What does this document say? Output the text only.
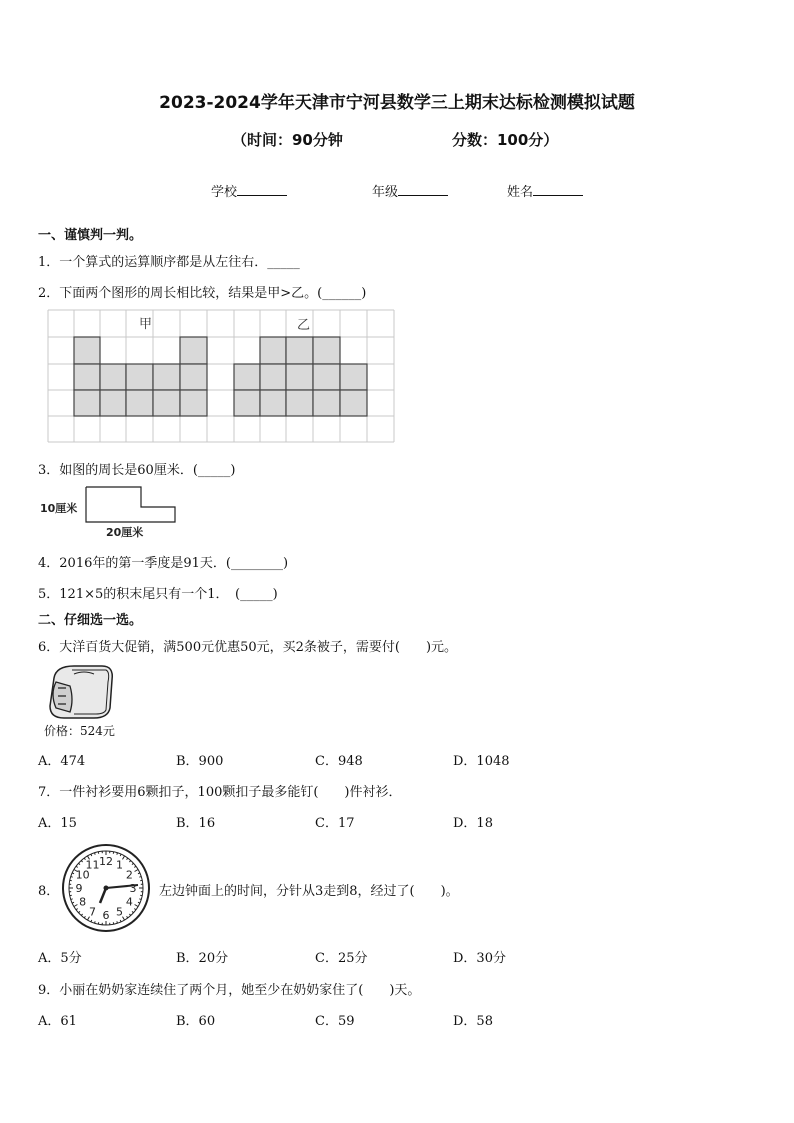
2023-2024学年天津市宁河县数学三上期末达标检测模拟试题
（时间：90分钟	分数：100分）
学校	年级	姓名
一、谨慎判一判。
1．一个算式的运算顺序都是从左往右．_____
2．下面两个图形的周长相比较，结果是甲>乙。(______)
甲	乙
3．如图的周长是60厘米．(_____)
10厘米
20厘米
4．2016年的第一季度是91天．(________)
5．121×5的积末尾只有一个1．　(_____)
二、仔细选一选。
6．大洋百货大促销，满500元优惠50元，买2条被子，需要付(　　)元。
价格：524元
A．474	B．900	C．948	D．1048
7．一件衬衫要用6颗扣子，100颗扣子最多能钉(　　)件衬衫．
A．15	B．16	C．17	D．18
8．
12 1
2
3
4
5
6
7
8
9
10
11
左边钟面上的时间，分针从3走到8，经过了(　　)。
A．5分	B．20分	C．25分	D．30分
9．小丽在奶奶家连续住了两个月，她至少在奶奶家住了(　　)天。
A．61	B．60	C．59	D．58
